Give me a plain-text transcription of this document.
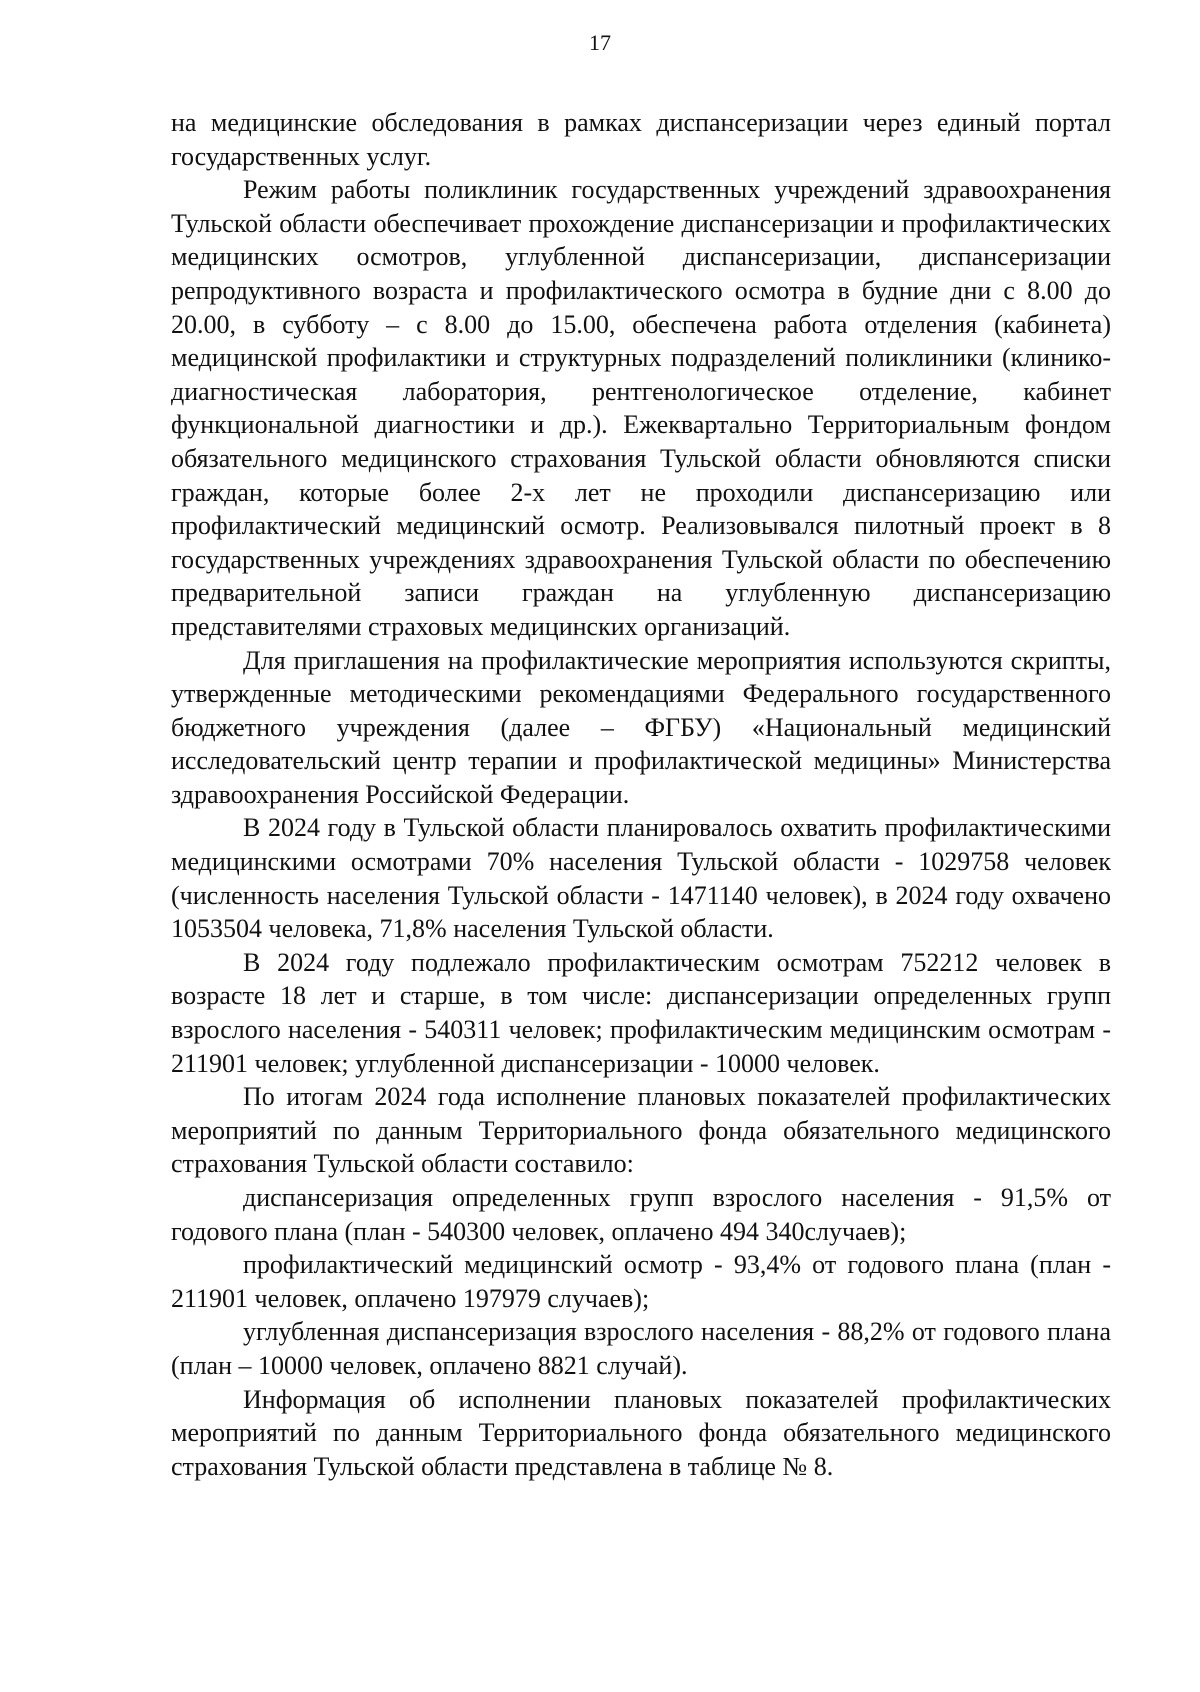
17

на медицинские обследования в рамках диспансеризации через единый портал государственных услуг.

Режим работы поликлиник государственных учреждений здравоохранения Тульской области обеспечивает прохождение диспансеризации и профилактических медицинских осмотров, углубленной диспансеризации, диспансеризации репродуктивного возраста и профилактического осмотра в будние дни с 8.00 до 20.00, в субботу – с 8.00 до 15.00, обеспечена работа отделения (кабинета) медицинской профилактики и структурных подразделений поликлиники (клинико-диагностическая лаборатория, рентгенологическое отделение, кабинет функциональной диагностики и др.). Ежеквартально Территориальным фондом обязательного медицинского страхования Тульской области обновляются списки граждан, которые более 2-х лет не проходили диспансеризацию или профилактический медицинский осмотр. Реализовывался пилотный проект в 8 государственных учреждениях здравоохранения Тульской области по обеспечению предварительной записи граждан на углубленную диспансеризацию представителями страховых медицинских организаций.

Для приглашения на профилактические мероприятия используются скрипты, утвержденные методическими рекомендациями Федерального государственного бюджетного учреждения (далее – ФГБУ) «Национальный медицинский исследовательский центр терапии и профилактической медицины» Министерства здравоохранения Российской Федерации.

В 2024 году в Тульской области планировалось охватить профилактическими медицинскими осмотрами 70% населения Тульской области - 1029758 человек (численность населения Тульской области - 1471140 человек), в 2024 году охвачено 1053504 человека, 71,8% населения Тульской области.

В 2024 году подлежало профилактическим осмотрам 752212 человек в возрасте 18 лет и старше, в том числе: диспансеризации определенных групп взрослого населения - 540311 человек; профилактическим медицинским осмотрам - 211901 человек; углубленной диспансеризации - 10000 человек.

По итогам 2024 года исполнение плановых показателей профилактических мероприятий по данным Территориального фонда обязательного медицинского страхования Тульской области составило:

диспансеризация определенных групп взрослого населения - 91,5% от годового плана (план - 540300 человек, оплачено 494 340случаев);

профилактический медицинский осмотр - 93,4% от годового плана (план - 211901 человек, оплачено 197979 случаев);

углубленная диспансеризация взрослого населения - 88,2% от годового плана (план – 10000 человек, оплачено 8821 случай).

Информация об исполнении плановых показателей профилактических мероприятий по данным Территориального фонда обязательного медицинского страхования Тульской области представлена в таблице № 8.
